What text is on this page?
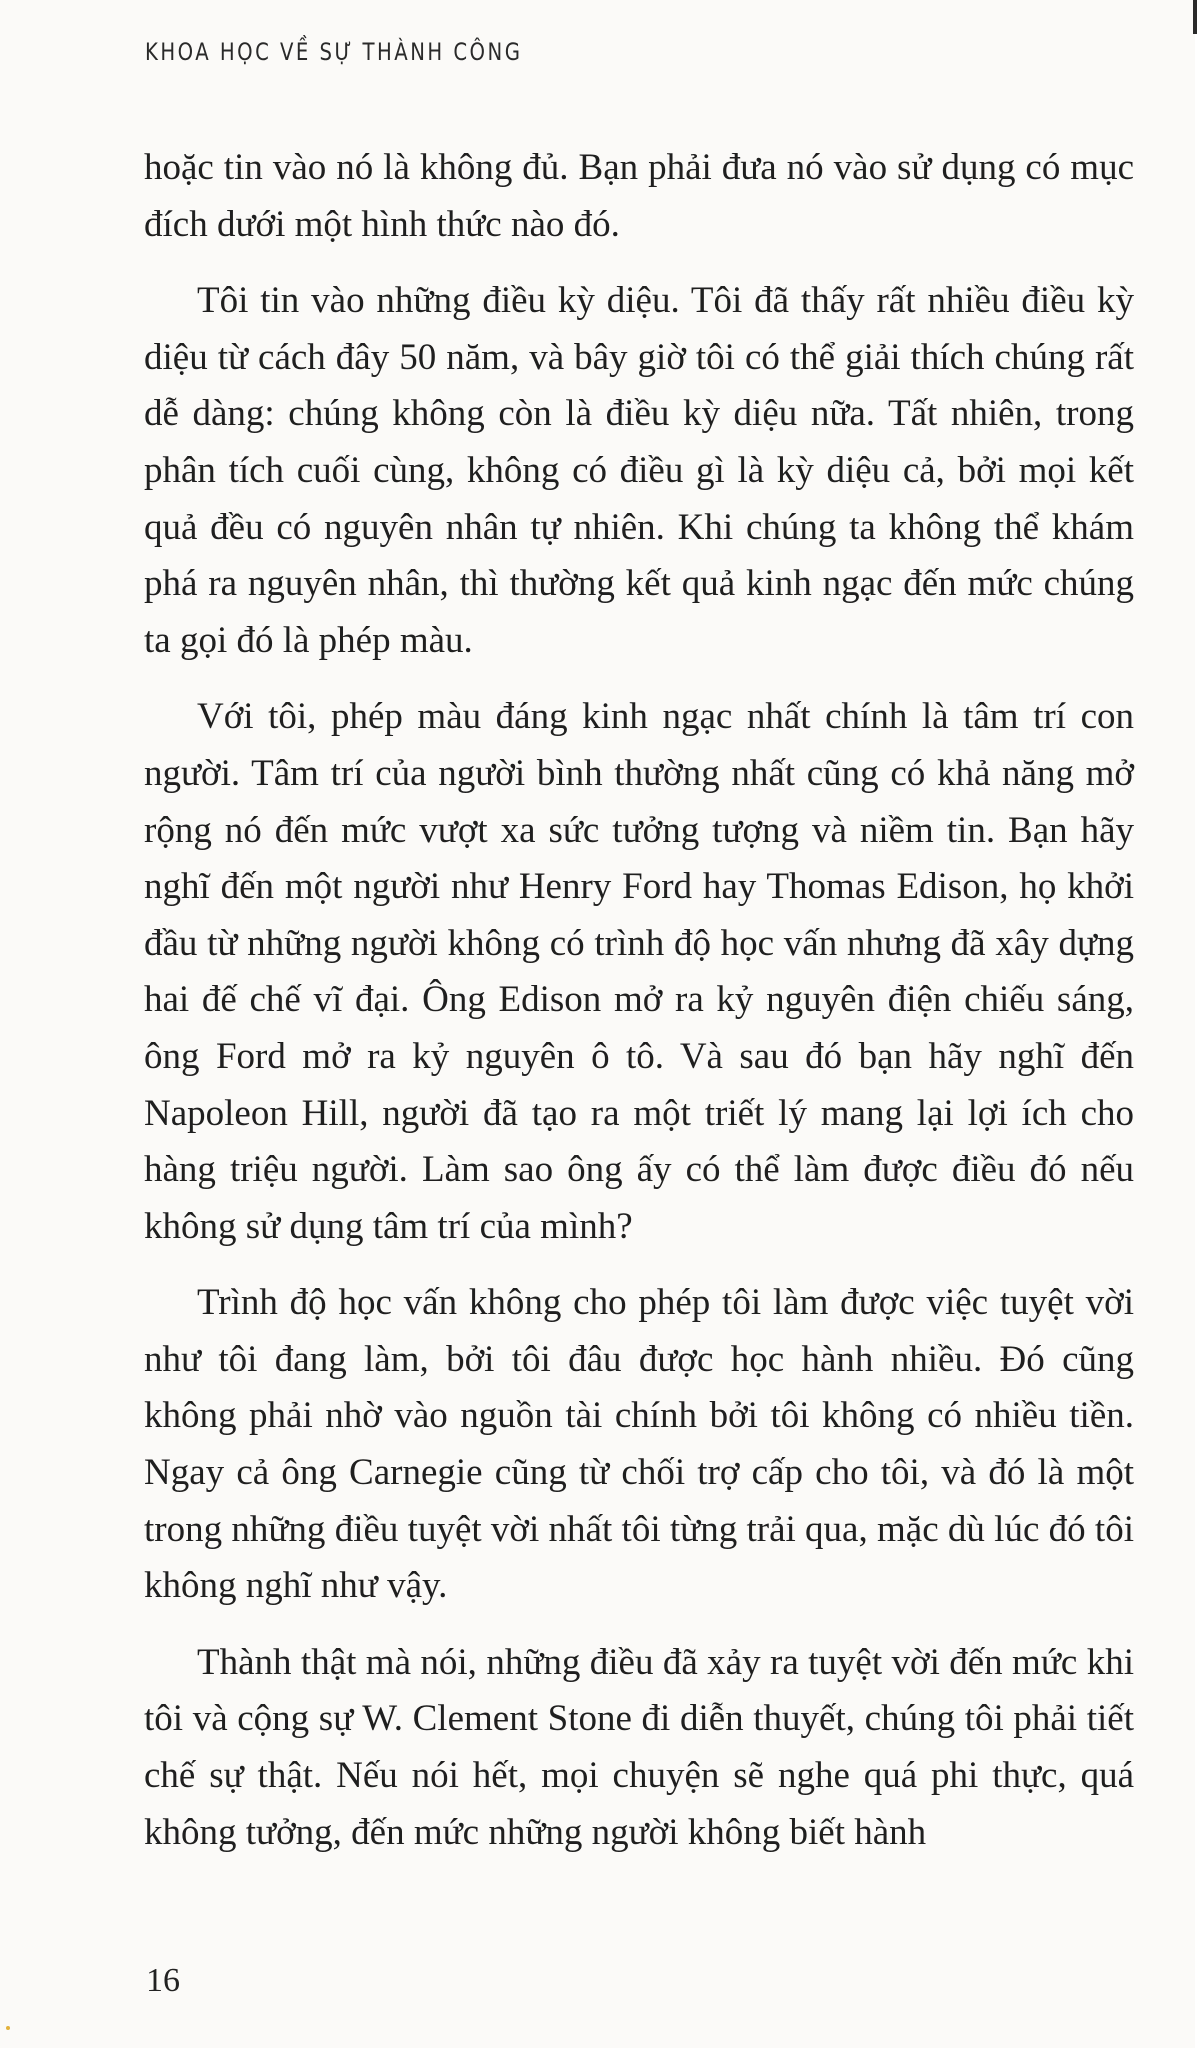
KHOA HỌC VỀ SỰ THÀNH CÔNG

hoặc tin vào nó là không đủ. Bạn phải đưa nó vào sử dụng có mục đích dưới một hình thức nào đó.

Tôi tin vào những điều kỳ diệu. Tôi đã thấy rất nhiều điều kỳ diệu từ cách đây 50 năm, và bây giờ tôi có thể giải thích chúng rất dễ dàng: chúng không còn là điều kỳ diệu nữa. Tất nhiên, trong phân tích cuối cùng, không có điều gì là kỳ diệu cả, bởi mọi kết quả đều có nguyên nhân tự nhiên. Khi chúng ta không thể khám phá ra nguyên nhân, thì thường kết quả kinh ngạc đến mức chúng ta gọi đó là phép màu.

Với tôi, phép màu đáng kinh ngạc nhất chính là tâm trí con người. Tâm trí của người bình thường nhất cũng có khả năng mở rộng nó đến mức vượt xa sức tưởng tượng và niềm tin. Bạn hãy nghĩ đến một người như Henry Ford hay Thomas Edison, họ khởi đầu từ những người không có trình độ học vấn nhưng đã xây dựng hai đế chế vĩ đại. Ông Edison mở ra kỷ nguyên điện chiếu sáng, ông Ford mở ra kỷ nguyên ô tô. Và sau đó bạn hãy nghĩ đến Napoleon Hill, người đã tạo ra một triết lý mang lại lợi ích cho hàng triệu người. Làm sao ông ấy có thể làm được điều đó nếu không sử dụng tâm trí của mình?

Trình độ học vấn không cho phép tôi làm được việc tuyệt vời như tôi đang làm, bởi tôi đâu được học hành nhiều. Đó cũng không phải nhờ vào nguồn tài chính bởi tôi không có nhiều tiền. Ngay cả ông Carnegie cũng từ chối trợ cấp cho tôi, và đó là một trong những điều tuyệt vời nhất tôi từng trải qua, mặc dù lúc đó tôi không nghĩ như vậy.

Thành thật mà nói, những điều đã xảy ra tuyệt vời đến mức khi tôi và cộng sự W. Clement Stone đi diễn thuyết, chúng tôi phải tiết chế sự thật. Nếu nói hết, mọi chuyện sẽ nghe quá phi thực, quá không tưởng, đến mức những người không biết hành

16
